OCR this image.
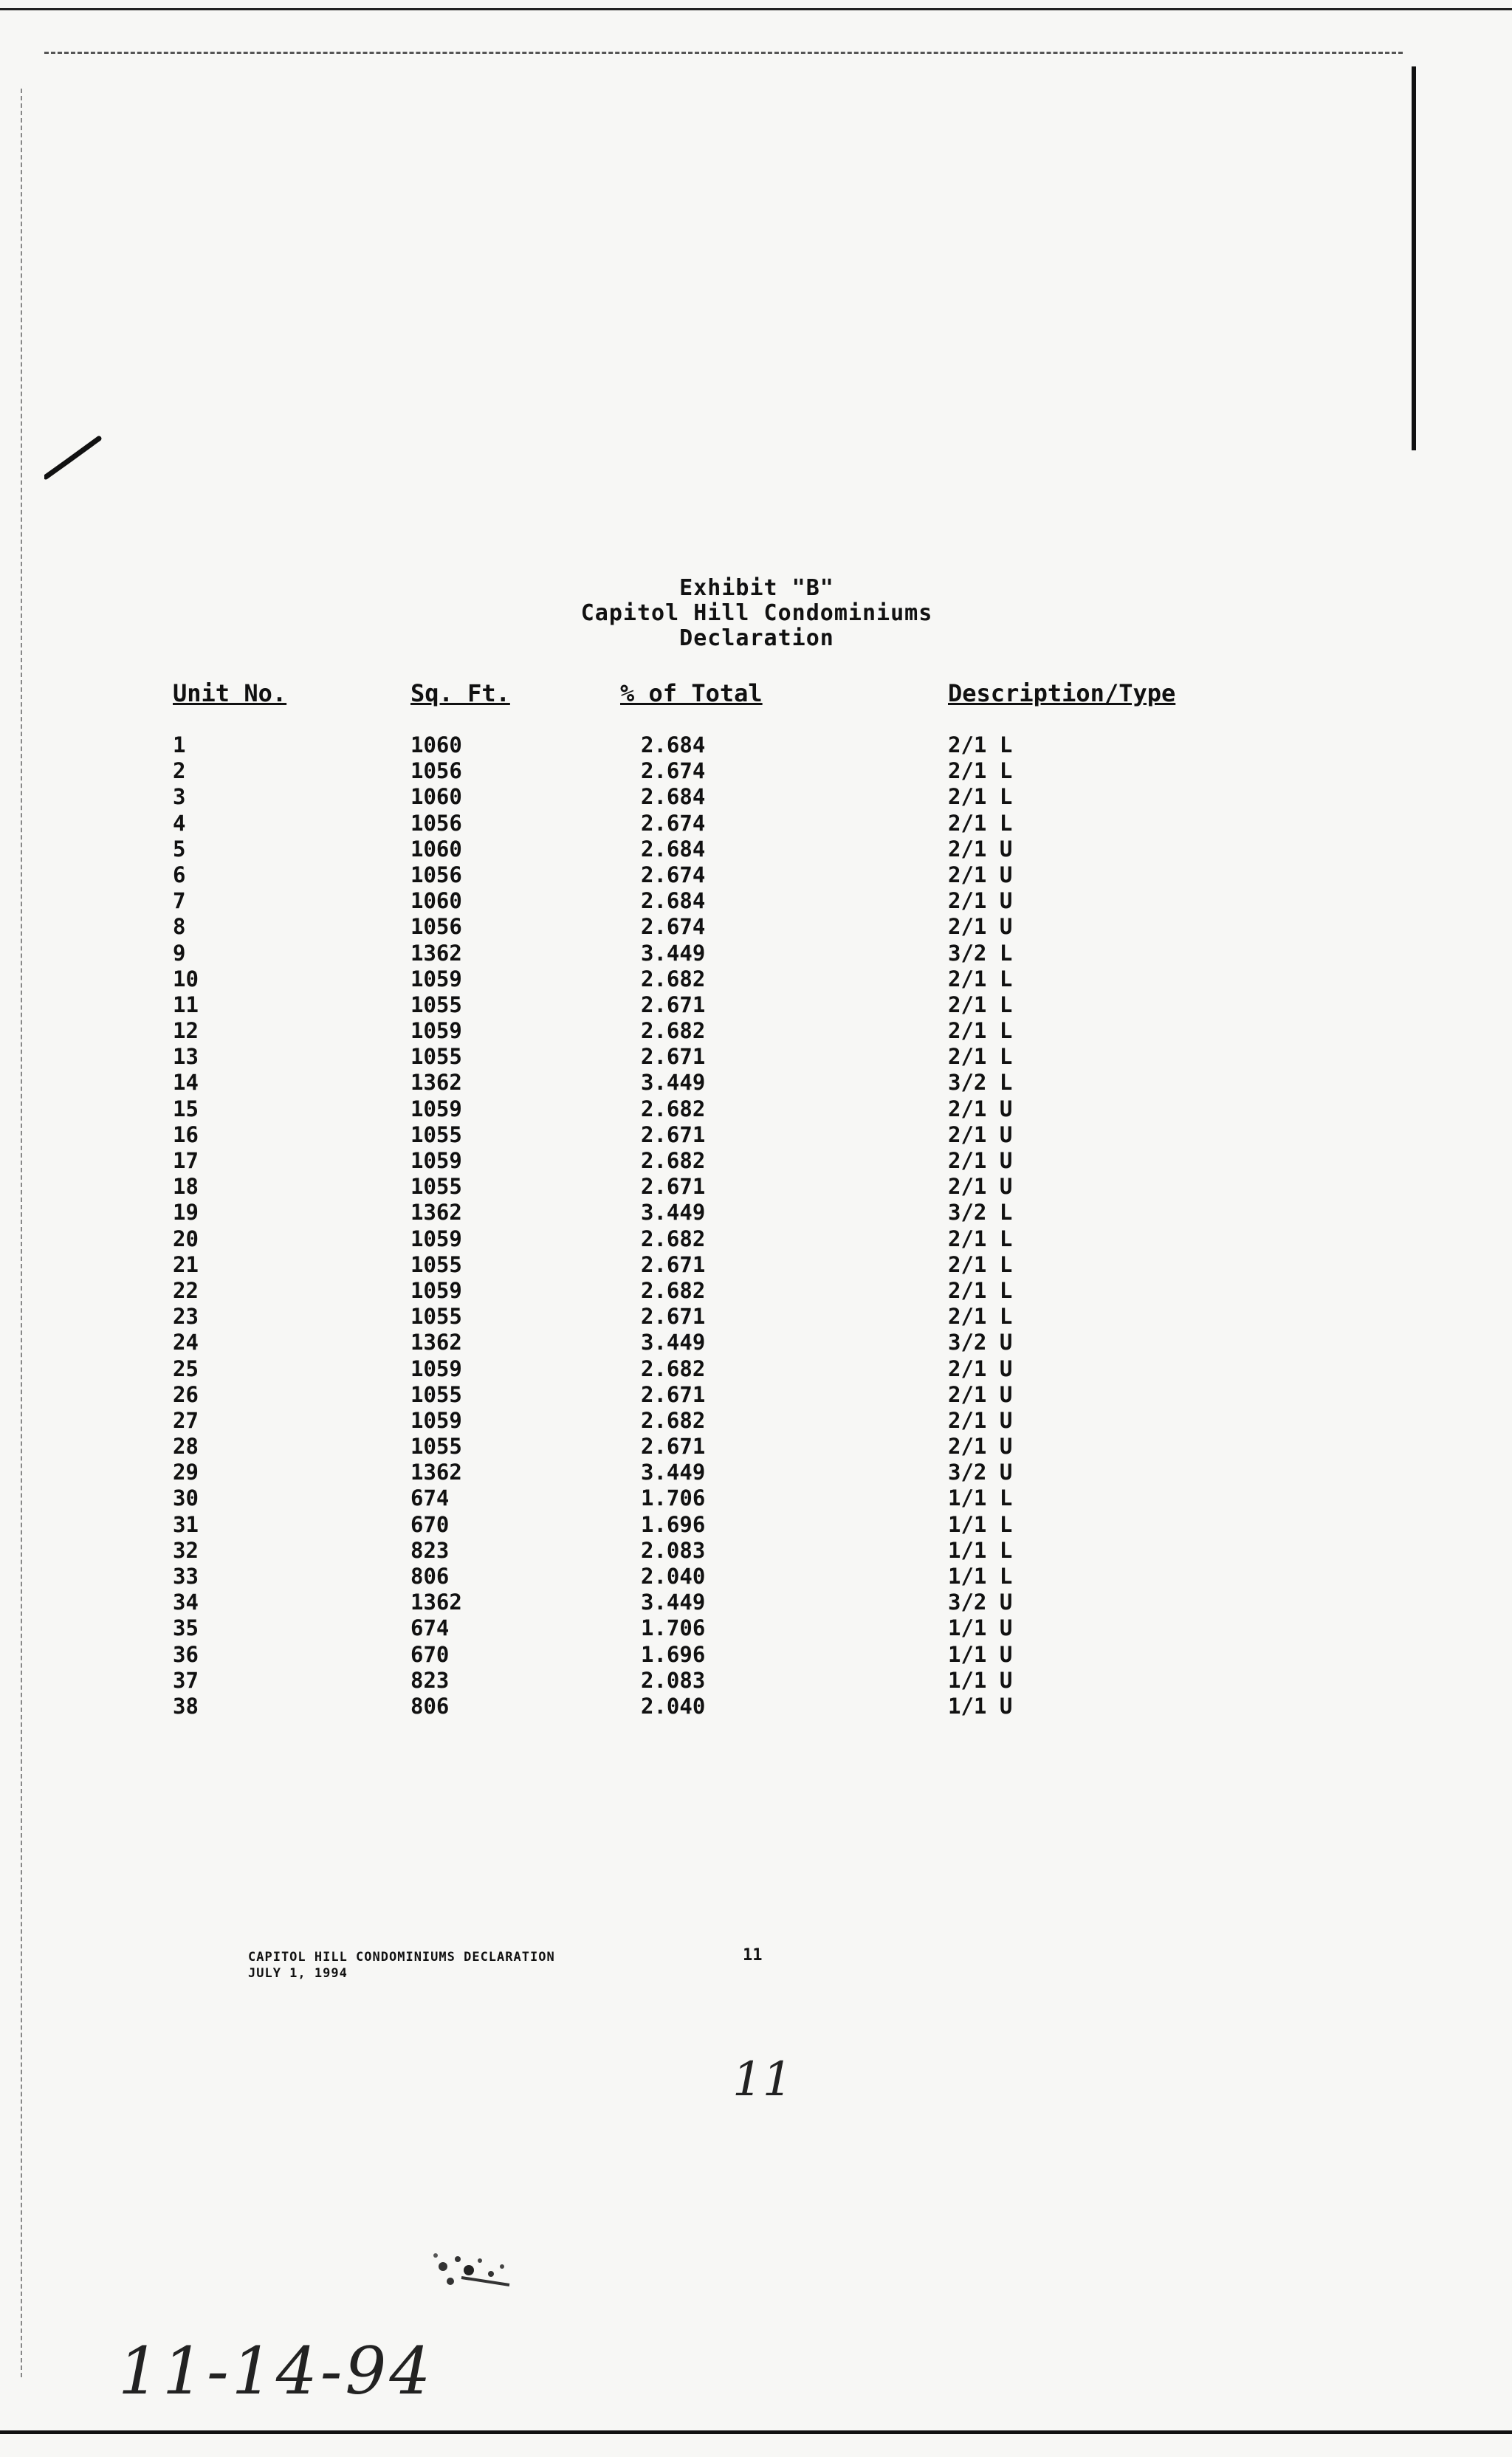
Exhibit "B"
Capitol Hill Condominiums
Declaration
Unit No.	Sq. Ft.	% of Total	Description/Type
1	1060	2.684	2/1 L
2	1056	2.674	2/1 L
3	1060	2.684	2/1 L
4	1056	2.674	2/1 L
5	1060	2.684	2/1 U
6	1056	2.674	2/1 U
7	1060	2.684	2/1 U
8	1056	2.674	2/1 U
9	1362	3.449	3/2 L
10	1059	2.682	2/1 L
11	1055	2.671	2/1 L
12	1059	2.682	2/1 L
13	1055	2.671	2/1 L
14	1362	3.449	3/2 L
15	1059	2.682	2/1 U
16	1055	2.671	2/1 U
17	1059	2.682	2/1 U
18	1055	2.671	2/1 U
19	1362	3.449	3/2 L
20	1059	2.682	2/1 L
21	1055	2.671	2/1 L
22	1059	2.682	2/1 L
23	1055	2.671	2/1 L
24	1362	3.449	3/2 U
25	1059	2.682	2/1 U
26	1055	2.671	2/1 U
27	1059	2.682	2/1 U
28	1055	2.671	2/1 U
29	1362	3.449	3/2 U
30	674	1.706	1/1 L
31	670	1.696	1/1 L
32	823	2.083	1/1 L
33	806	2.040	1/1 L
34	1362	3.449	3/2 U
35	674	1.706	1/1 U
36	670	1.696	1/1 U
37	823	2.083	1/1 U
38	806	2.040	1/1 U
CAPITOL HILL CONDOMINIUMS DECLARATION
JULY 1, 1994
11
11
11-14-94
